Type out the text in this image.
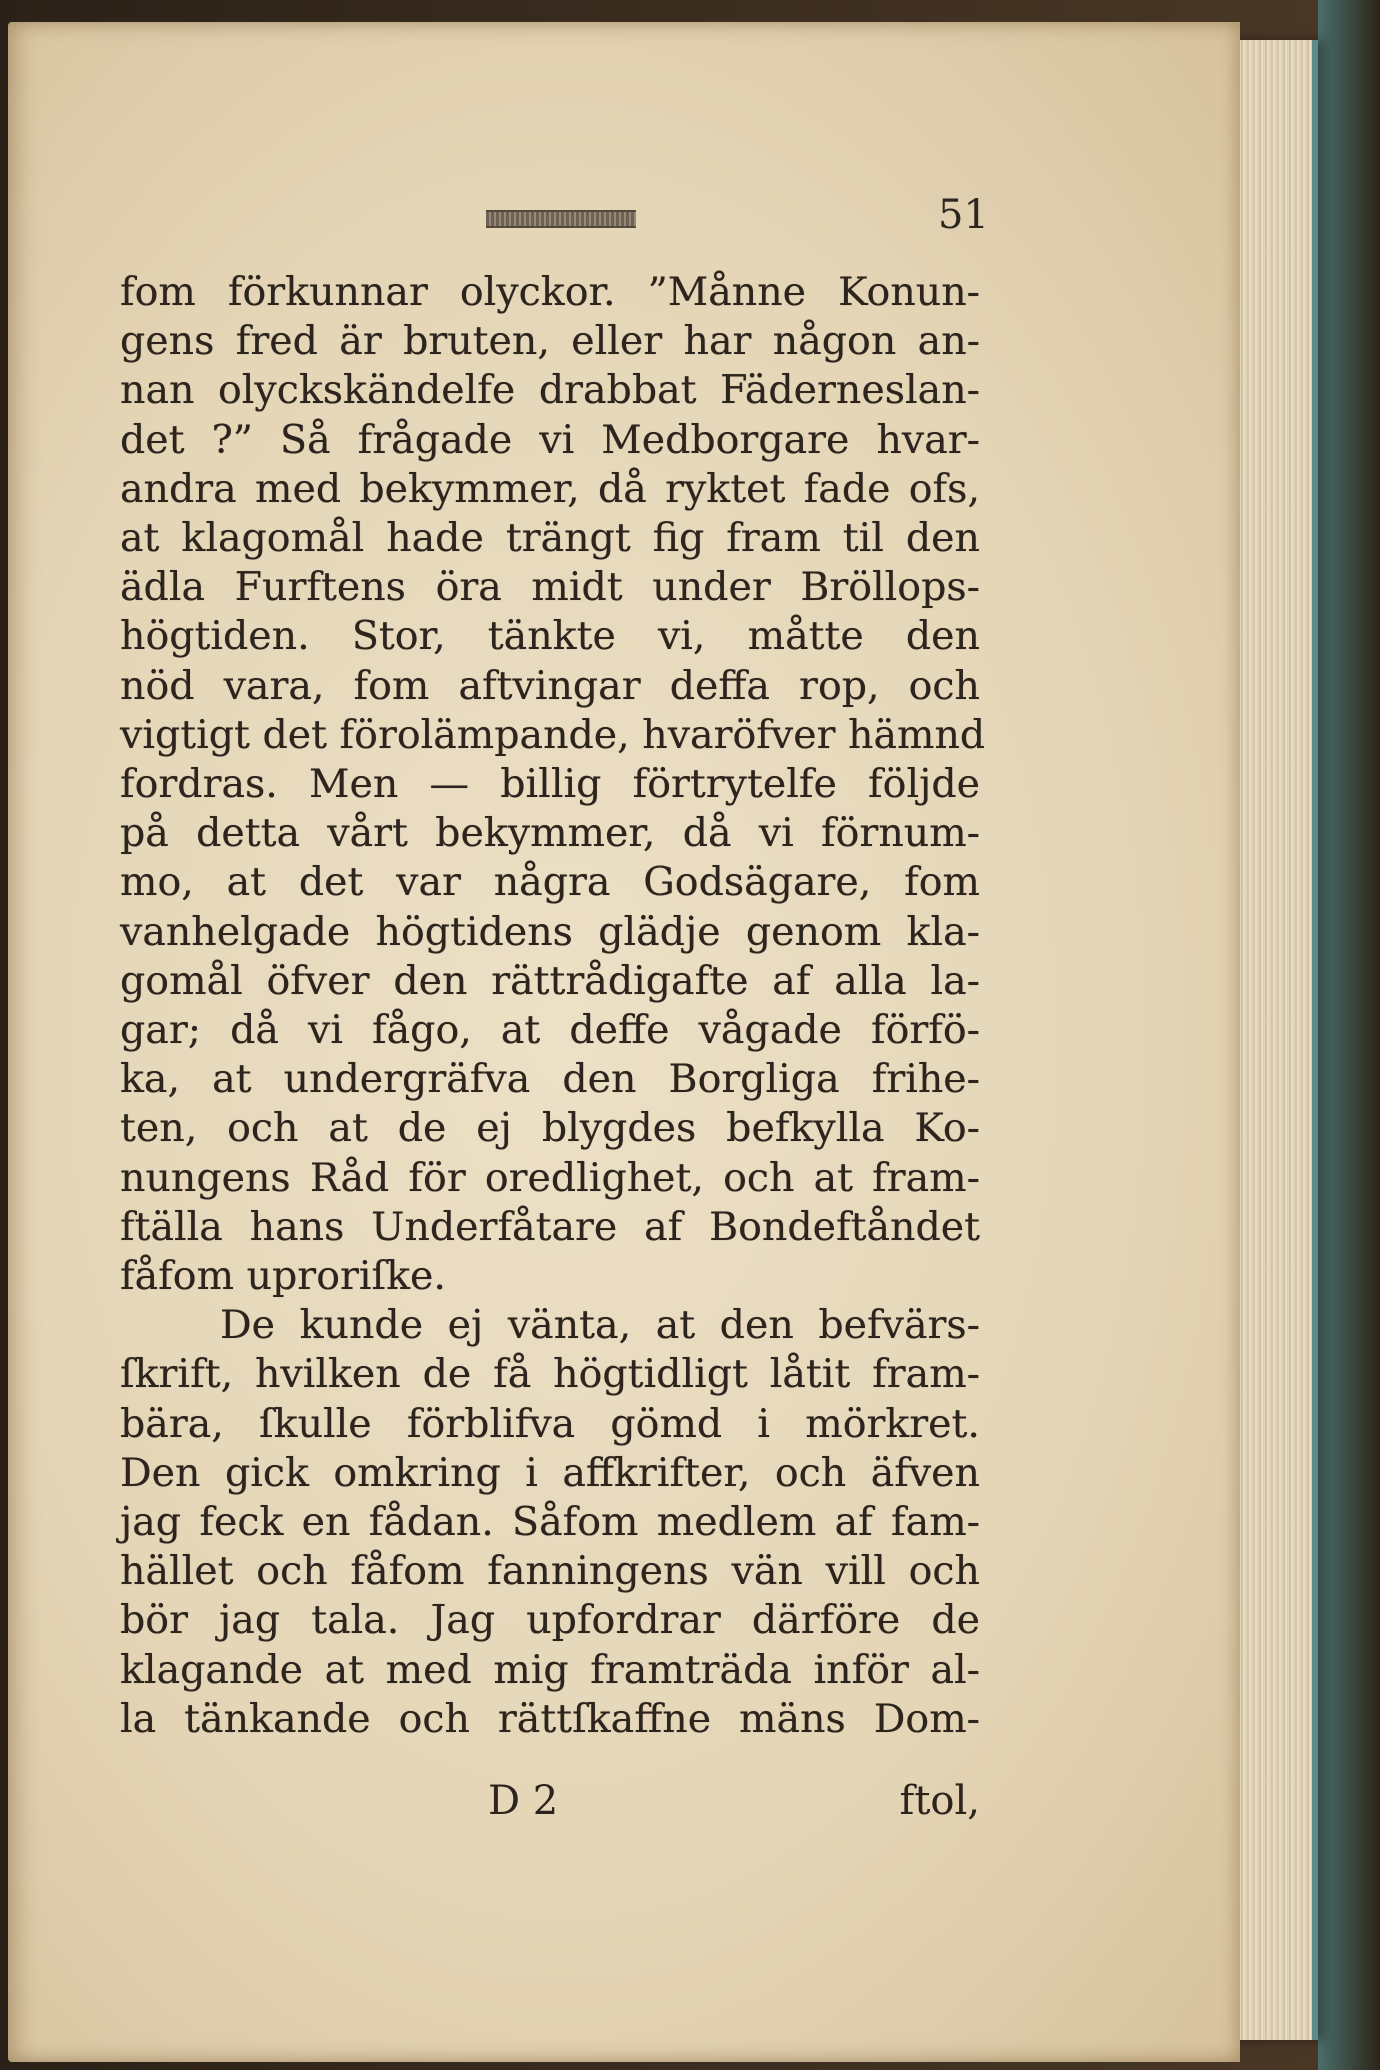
51
fom förkunnar olyckor. ”Månne Konun-
gens fred är bruten, eller har någon an-
nan olyckskändelfe drabbat Fäderneslan-
det ?” Så frågade vi Medborgare hvar-
andra med bekymmer, då ryktet fade ofs,
at klagomål hade trängt fig fram til den
ädla Furftens öra midt under Bröllops-
högtiden. Stor, tänkte vi, måtte den
nöd vara, fom aftvingar deffa rop, och
vigtigt det förolämpande, hvaröfver hämnd
fordras. Men — billig förtrytelfe följde
på detta vårt bekymmer, då vi förnum-
mo, at det var några Godsägare, fom
vanhelgade högtidens glädje genom kla-
gomål öfver den rättrådigafte af alla la-
gar; då vi fågo, at deffe vågade förfö-
ka, at undergräfva den Borgliga frihe-
ten, och at de ej blygdes befkylla Ko-
nungens Råd för oredlighet, och at fram-
ftälla hans Underfåtare af Bondeftåndet
fåfom uproriſke.
De kunde ej vänta, at den befvärs-
ſkrift, hvilken de få högtidligt låtit fram-
bära, ſkulle förblifva gömd i mörkret.
Den gick omkring i affkrifter, och äfven
jag feck en fådan. Såfom medlem af fam-
hället och fåfom fanningens vän vill och
bör jag tala. Jag upfordrar därföre de
klagande at med mig framträda inför al-
la tänkande och rättſkaffne mäns Dom-
D 2	ftol,
